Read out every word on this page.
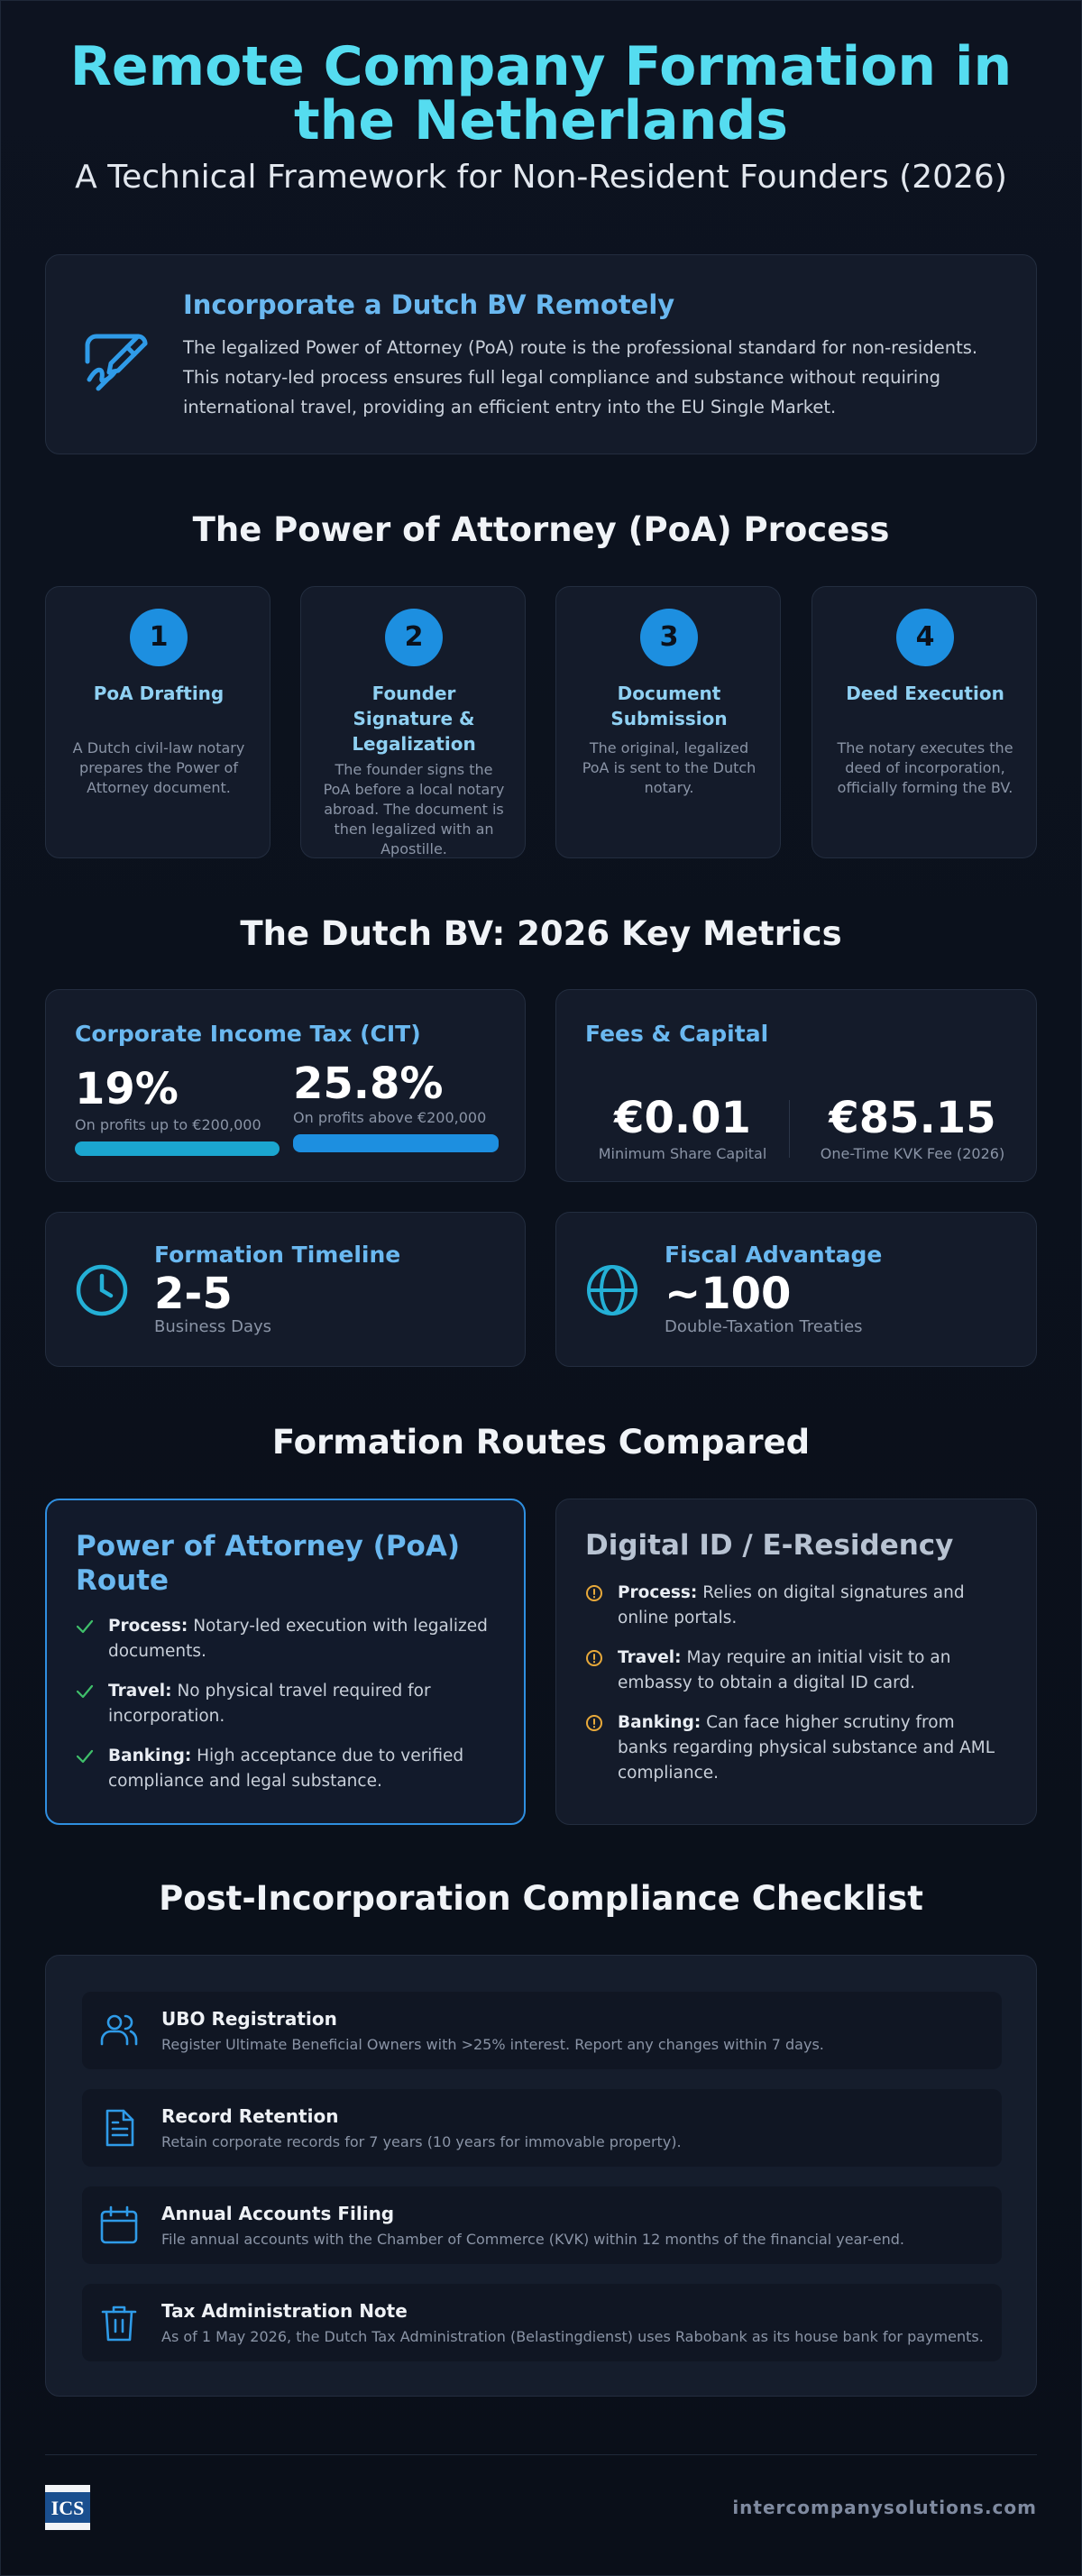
Remote Company Formation in the Netherlands
A Technical Framework for Non-Resident Founders (2026)
Incorporate a Dutch BV Remotely
The legalized Power of Attorney (PoA) route is the professional standard for non-residents. This notary-led process ensures full legal compliance and substance without requiring international travel, providing an efficient entry into the EU Single Market.
The Power of Attorney (PoA) Process
1
PoA Drafting
A Dutch civil-law notary prepares the Power of Attorney document.
2
Founder Signature & Legalization
The founder signs the PoA before a local notary abroad. The document is then legalized with an Apostille.
3
Document Submission
The original, legalized PoA is sent to the Dutch notary.
4
Deed Execution
The notary executes the deed of incorporation, officially forming the BV.
The Dutch BV: 2026 Key Metrics
Corporate Income Tax (CIT)
19%
On profits up to €200,000
25.8%
On profits above €200,000
Fees & Capital
€0.01
Minimum Share Capital
€85.15
One-Time KVK Fee (2026)
Formation Timeline
2-5
Business Days
Fiscal Advantage
~100
Double-Taxation Treaties
Formation Routes Compared
Power of Attorney (PoA) Route
Process: Notary-led execution with legalized documents.
Travel: No physical travel required for incorporation.
Banking: High acceptance due to verified compliance and legal substance.
Digital ID / E-Residency
Process: Relies on digital signatures and online portals.
Travel: May require an initial visit to an embassy to obtain a digital ID card.
Banking: Can face higher scrutiny from banks regarding physical substance and AML compliance.
Post-Incorporation Compliance Checklist
UBO Registration
Register Ultimate Beneficial Owners with >25% interest. Report any changes within 7 days.
Record Retention
Retain corporate records for 7 years (10 years for immovable property).
Annual Accounts Filing
File annual accounts with the Chamber of Commerce (KVK) within 12 months of the financial year-end.
Tax Administration Note
As of 1 May 2026, the Dutch Tax Administration (Belastingdienst) uses Rabobank as its house bank for payments.
ICS	intercompanysolutions.com
